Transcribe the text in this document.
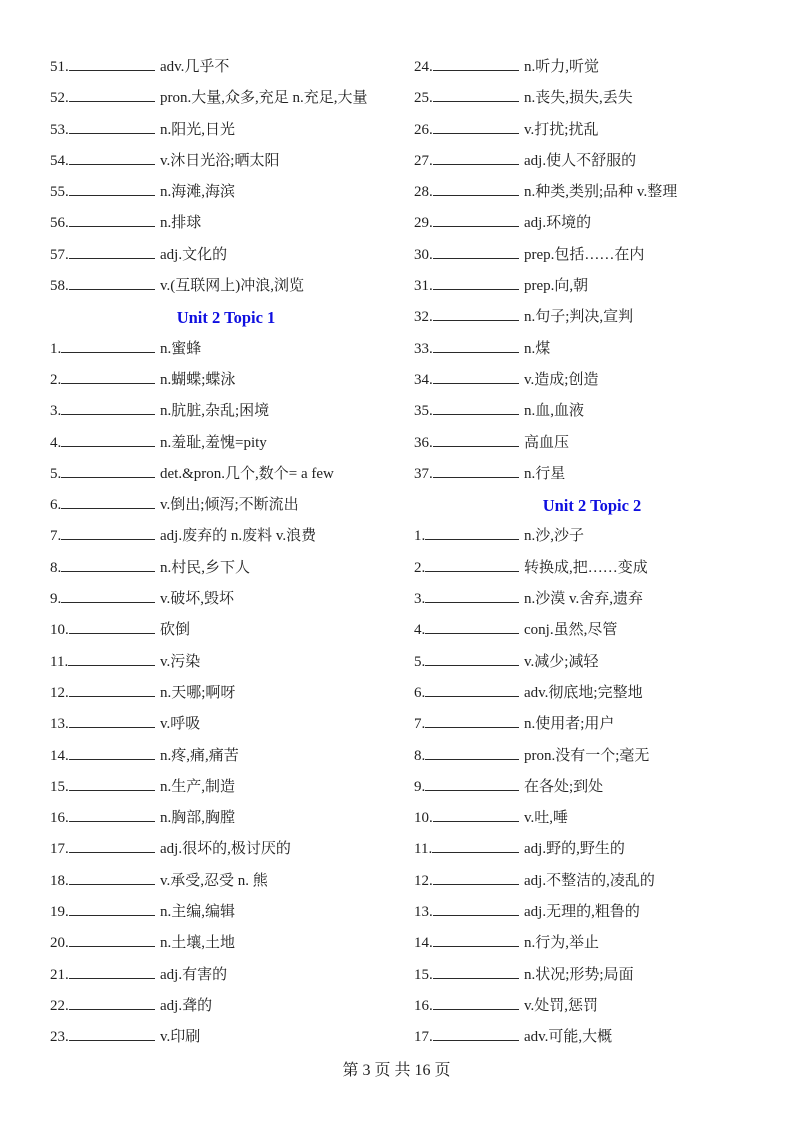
51.	adv.几乎不
52.	pron.大量,众多,充足 n.充足,大量
53.	n.阳光,日光
54.	v.沐日光浴;晒太阳
55.	n.海滩,海滨
56.	n.排球
57.	adj.文化的
58.	v.(互联网上)冲浪,浏览
Unit 2 Topic 1
1.	n.蜜蜂
2.	n.蝴蝶;蝶泳
3.	n.肮脏,杂乱;困境
4.	n.羞耻,羞愧=pity
5.	det.&pron.几个,数个= a few
6.	v.倒出;倾泻;不断流出
7.	adj.废弃的 n.废料 v.浪费
8.	n.村民,乡下人
9.	v.破坏,毁坏
10.	砍倒
11.	v.污染
12.	n.天哪;啊呀
13.	v.呼吸
14.	n.疼,痛,痛苦
15.	n.生产,制造
16.	n.胸部,胸膛
17.	adj.很坏的,极讨厌的
18.	v.承受,忍受 n. 熊
19.	n.主编,编辑
20.	n.土壤,土地
21.	adj.有害的
22.	adj.聋的
23.	v.印刷
24.	n.听力,听觉
25.	n.丧失,损失,丢失
26.	v.打扰;扰乱
27.	adj.使人不舒服的
28.	n.种类,类别;品种 v.整理
29.	adj.环境的
30.	prep.包括……在内
31.	prep.向,朝
32.	n.句子;判决,宣判
33.	n.煤
34.	v.造成;创造
35.	n.血,血液
36.	高血压
37.	n.行星
Unit 2 Topic 2
1.	n.沙,沙子
2.	转换成,把……变成
3.	n.沙漠 v.舍弃,遗弃
4.	conj.虽然,尽管
5.	v.减少;减轻
6.	adv.彻底地;完整地
7.	n.使用者;用户
8.	pron.没有一个;毫无
9.	在各处;到处
10.	v.吐,唾
11.	adj.野的,野生的
12.	adj.不整洁的,凌乱的
13.	adj.无理的,粗鲁的
14.	n.行为,举止
15.	n.状况;形势;局面
16.	v.处罚,惩罚
17.	adv.可能,大概
第 3 页 共 16 页
